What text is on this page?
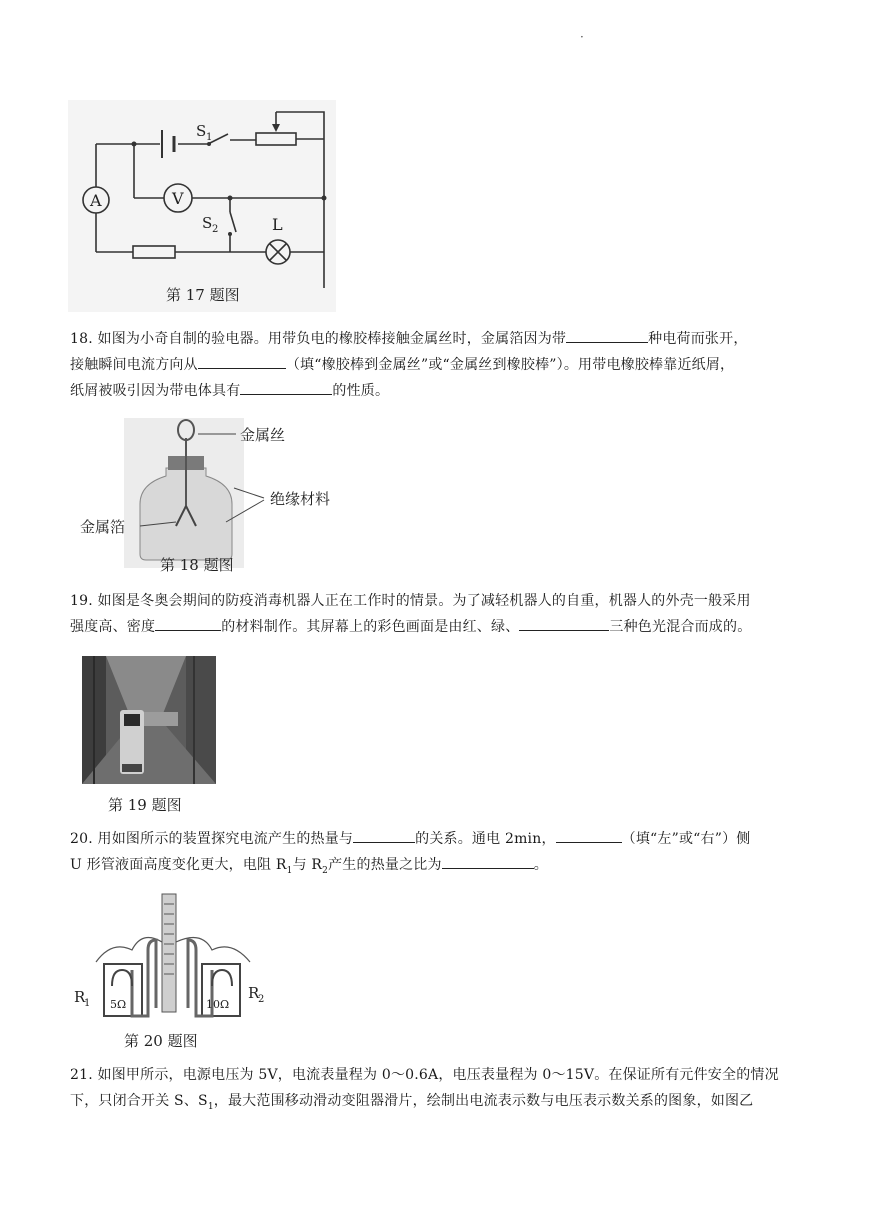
·
A	V
S 1
S 2	L
第 17 题图
18. 如图为小奇自制的验电器。用带负电的橡胶棒接触金属丝时，金属箔因为带	种电荷而张开，
接触瞬间电流方向从	（填“橡胶棒到金属丝”或“金属丝到橡胶棒”）。用带电橡胶棒靠近纸屑，
纸屑被吸引因为带电体具有	的性质。
金属丝
绝缘材料
金属箔
第 18 题图
19. 如图是冬奥会期间的防疫消毒机器人正在工作时的情景。为了减轻机器人的自重，机器人的外壳一般采用
强度高、密度	的材料制作。其屏幕上的彩色画面是由红、绿、	三种色光混合而成的。
第 19 题图
20. 用如图所示的装置探究电流产生的热量与	的关系。通电 2min，	（填“左”或“右”）侧
U 形管液面高度变化更大，电阻 $R_1$与 $R_2$产生的热量之比为	。
5Ω	10Ω
R
1
R
2
第 20 题图
21. 如图甲所示，电源电压为 5V，电流表量程为 0～0.6A，电压表量程为 0～15V。在保证所有元件安全的情况
下，只闭合开关 S、$S_1$，最大范围移动滑动变阻器滑片，绘制出电流表示数与电压表示数关系的图象，如图乙
